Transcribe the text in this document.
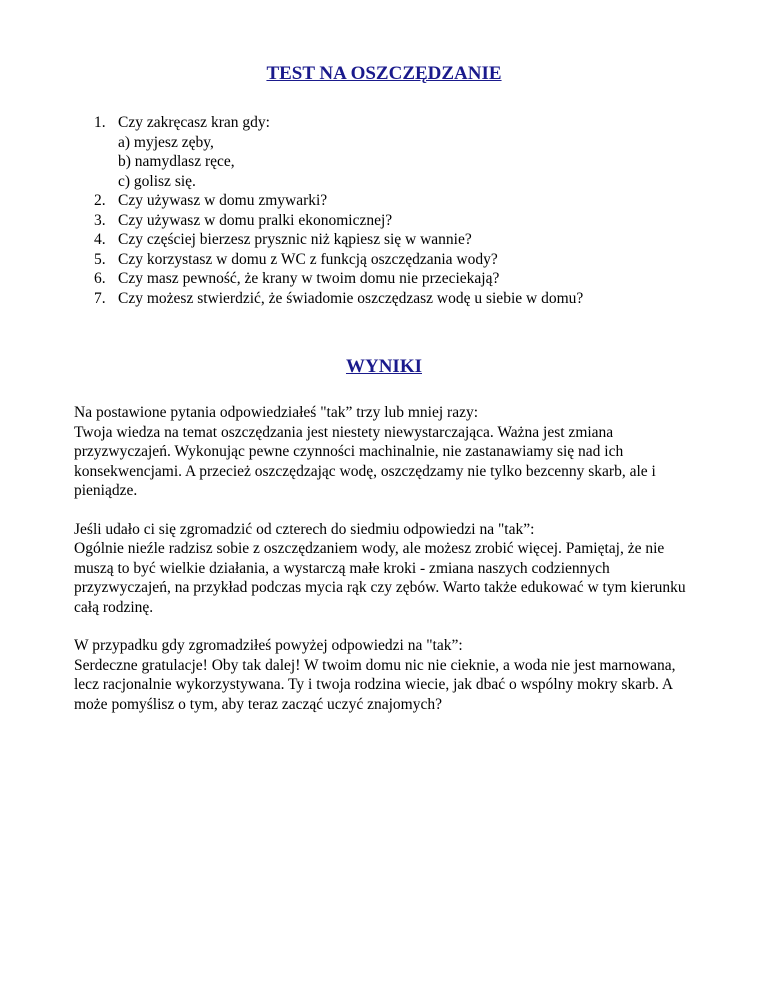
TEST NA OSZCZĘDZANIE
1. Czy zakręcasz kran gdy:
a) myjesz zęby,
b) namydlasz ręce,
c) golisz się.
2. Czy używasz w domu zmywarki?
3. Czy używasz w domu pralki ekonomicznej?
4. Czy częściej bierzesz prysznic niż kąpiesz się w wannie?
5. Czy korzystasz w domu z WC z funkcją oszczędzania wody?
6. Czy masz pewność, że krany w twoim domu nie przeciekają?
7. Czy możesz stwierdzić, że świadomie oszczędzasz wodę u siebie w domu?
WYNIKI

Na postawione pytania odpowiedziałeś "tak” trzy lub mniej razy:
Twoja wiedza na temat oszczędzania jest niestety niewystarczająca. Ważna jest zmiana przyzwyczajeń. Wykonując pewne czynności machinalnie, nie zastanawiamy się nad ich konsekwencjami. A przecież oszczędzając wodę, oszczędzamy nie tylko bezcenny skarb, ale i pieniądze.

Jeśli udało ci się zgromadzić od czterech do siedmiu odpowiedzi na "tak”:
Ogólnie nieźle radzisz sobie z oszczędzaniem wody, ale możesz zrobić więcej. Pamiętaj, że nie muszą to być wielkie działania, a wystarczą małe kroki - zmiana naszych codziennych przyzwyczajeń, na przykład podczas mycia rąk czy zębów. Warto także edukować w tym kierunku całą rodzinę.

W przypadku gdy zgromadziłeś powyżej odpowiedzi na "tak”:
Serdeczne gratulacje! Oby tak dalej! W twoim domu nic nie cieknie, a woda nie jest marnowana, lecz racjonalnie wykorzystywana. Ty i twoja rodzina wiecie, jak dbać o wspólny mokry skarb. A może pomyślisz o tym, aby teraz zacząć uczyć znajomych?
